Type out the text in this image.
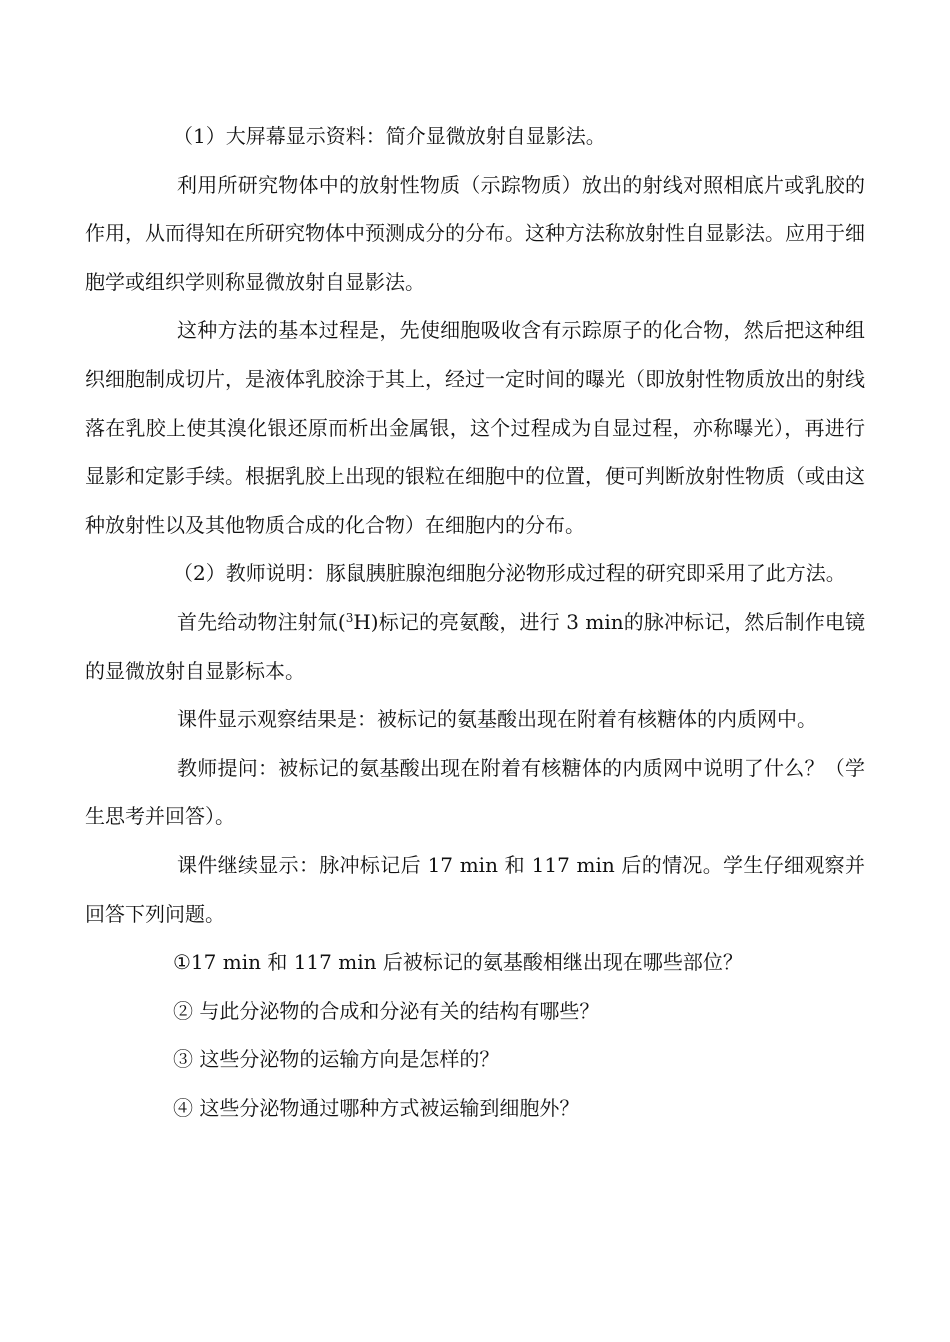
（1）大屏幕显示资料：简介显微放射自显影法。

利用所研究物体中的放射性物质（示踪物质）放出的射线对照相底片或乳胶的作用，从而得知在所研究物体中预测成分的分布。这种方法称放射性自显影法。应用于细胞学或组织学则称显微放射自显影法。

这种方法的基本过程是，先使细胞吸收含有示踪原子的化合物，然后把这种组织细胞制成切片，是液体乳胶涂于其上，经过一定时间的曝光（即放射性物质放出的射线落在乳胶上使其溴化银还原而析出金属银，这个过程成为自显过程，亦称曝光），再进行显影和定影手续。根据乳胶上出现的银粒在细胞中的位置，便可判断放射性物质（或由这种放射性以及其他物质合成的化合物）在细胞内的分布。

（2）教师说明：豚鼠胰脏腺泡细胞分泌物形成过程的研究即采用了此方法。

首先给动物注射氚($^3$H)标记的亮氨酸，进行 3 min的脉冲标记，然后制作电镜的显微放射自显影标本。

课件显示观察结果是：被标记的氨基酸出现在附着有核糖体的内质网中。

教师提问：被标记的氨基酸出现在附着有核糖体的内质网中说明了什么？（学生思考并回答）。

课件继续显示：脉冲标记后 17 min 和 117 min 后的情况。学生仔细观察并回答下列问题。

①17 min 和 117 min 后被标记的氨基酸相继出现在哪些部位？

② 与此分泌物的合成和分泌有关的结构有哪些？

③ 这些分泌物的运输方向是怎样的？

④ 这些分泌物通过哪种方式被运输到细胞外？
